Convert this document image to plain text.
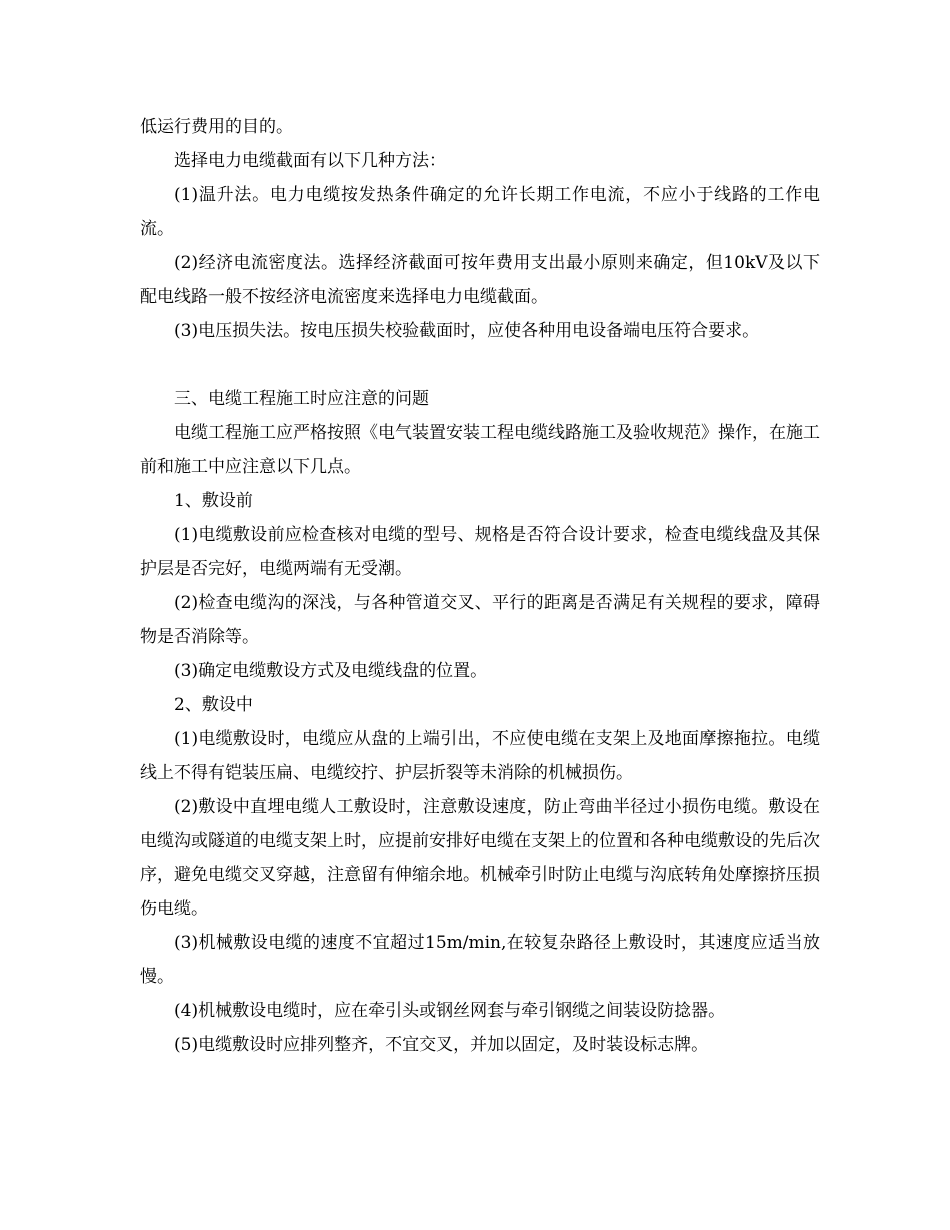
低运行费用的目的。

选择电力电缆截面有以下几种方法：

(1)温升法。电力电缆按发热条件确定的允许长期工作电流，不应小于线路的工作电流。

(2)经济电流密度法。选择经济截面可按年费用支出最小原则来确定，但10kV及以下配电线路一般不按经济电流密度来选择电力电缆截面。

(3)电压损失法。按电压损失校验截面时，应使各种用电设备端电压符合要求。

三、电缆工程施工时应注意的问题

电缆工程施工应严格按照《电气装置安装工程电缆线路施工及验收规范》操作，在施工前和施工中应注意以下几点。

1、敷设前

(1)电缆敷设前应检查核对电缆的型号、规格是否符合设计要求，检查电缆线盘及其保护层是否完好，电缆两端有无受潮。

(2)检查电缆沟的深浅，与各种管道交叉、平行的距离是否满足有关规程的要求，障碍物是否消除等。

(3)确定电缆敷设方式及电缆线盘的位置。

2、敷设中

(1)电缆敷设时，电缆应从盘的上端引出，不应使电缆在支架上及地面摩擦拖拉。电缆线上不得有铠装压扁、电缆绞拧、护层折裂等未消除的机械损伤。

(2)敷设中直埋电缆人工敷设时，注意敷设速度，防止弯曲半径过小损伤电缆。敷设在电缆沟或隧道的电缆支架上时，应提前安排好电缆在支架上的位置和各种电缆敷设的先后次序，避免电缆交叉穿越，注意留有伸缩余地。机械牵引时防止电缆与沟底转角处摩擦挤压损伤电缆。

(3)机械敷设电缆的速度不宜超过15m/min,在较复杂路径上敷设时，其速度应适当放慢。

(4)机械敷设电缆时，应在牵引头或钢丝网套与牵引钢缆之间装设防捻器。

(5)电缆敷设时应排列整齐，不宜交叉，并加以固定，及时装设标志牌。
